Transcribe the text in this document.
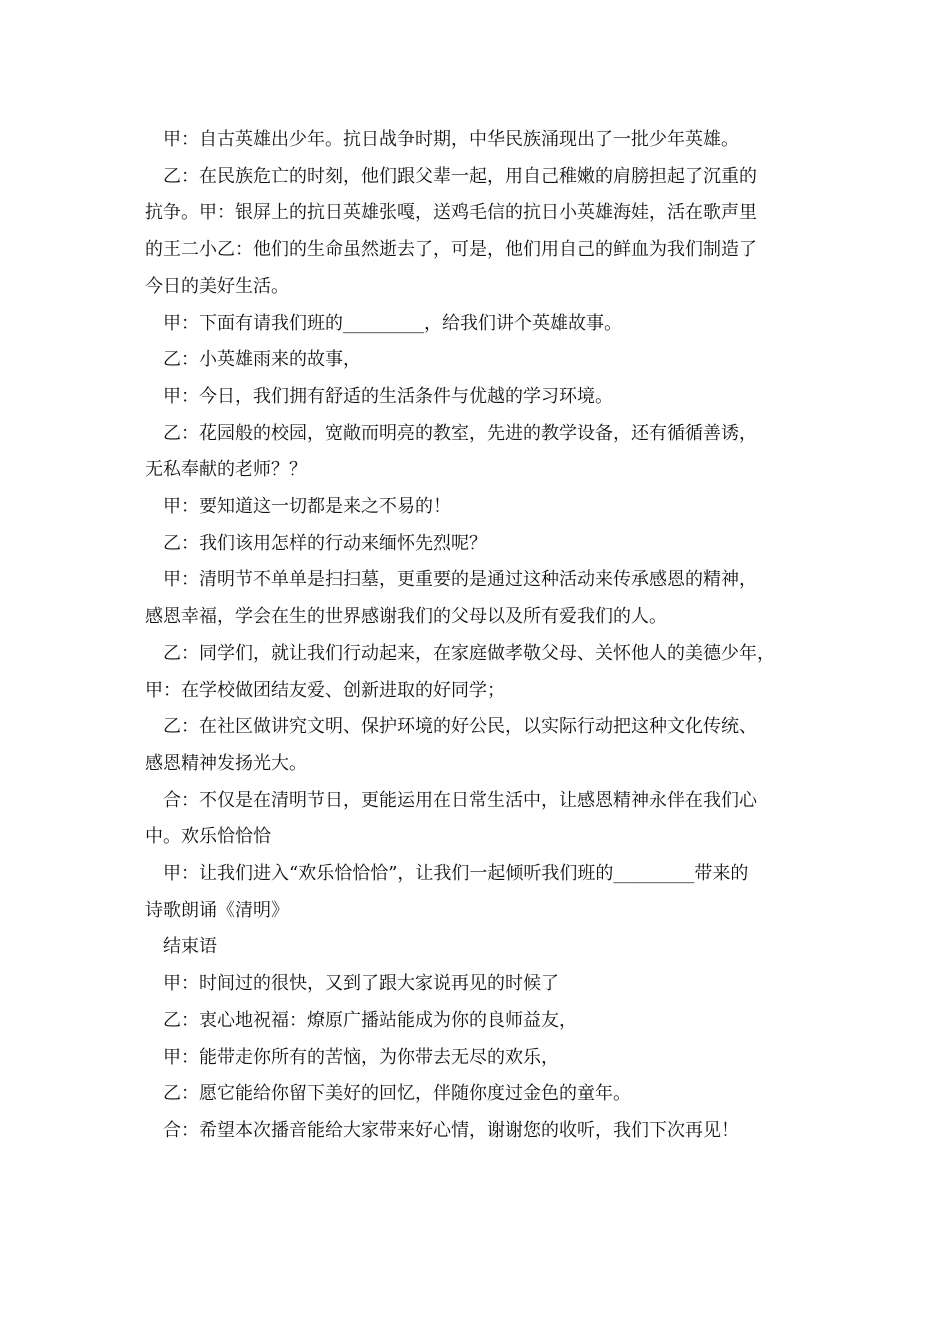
甲：自古英雄出少年。抗日战争时期，中华民族涌现出了一批少年英雄。
乙：在民族危亡的时刻，他们跟父辈一起，用自己稚嫩的肩膀担起了沉重的
抗争。甲：银屏上的抗日英雄张嘎，送鸡毛信的抗日小英雄海娃，活在歌声里
的王二小乙：他们的生命虽然逝去了，可是，他们用自己的鲜血为我们制造了
今日的美好生活。
甲：下面有请我们班的_________，给我们讲个英雄故事。
乙：小英雄雨来的故事，
甲：今日，我们拥有舒适的生活条件与优越的学习环境。
乙：花园般的校园，宽敞而明亮的教室，先进的教学设备，还有循循善诱，
无私奉献的老师？？
甲：要知道这一切都是来之不易的！
乙：我们该用怎样的行动来缅怀先烈呢？
甲：清明节不单单是扫扫墓，更重要的是通过这种活动来传承感恩的精神，
感恩幸福，学会在生的世界感谢我们的父母以及所有爱我们的人。
乙：同学们，就让我们行动起来，在家庭做孝敬父母、关怀他人的美德少年，
甲：在学校做团结友爱、创新进取的好同学；
乙：在社区做讲究文明、保护环境的好公民，以实际行动把这种文化传统、
感恩精神发扬光大。
合：不仅是在清明节日，更能运用在日常生活中，让感恩精神永伴在我们心
中。欢乐恰恰恰
甲：让我们进入“欢乐恰恰恰”，让我们一起倾听我们班的_________带来的
诗歌朗诵《清明》
结束语
甲：时间过的很快，又到了跟大家说再见的时候了
乙：衷心地祝福：燎原广播站能成为你的良师益友，
甲：能带走你所有的苦恼，为你带去无尽的欢乐，
乙：愿它能给你留下美好的回忆，伴随你度过金色的童年。
合：希望本次播音能给大家带来好心情，谢谢您的收听，我们下次再见！
